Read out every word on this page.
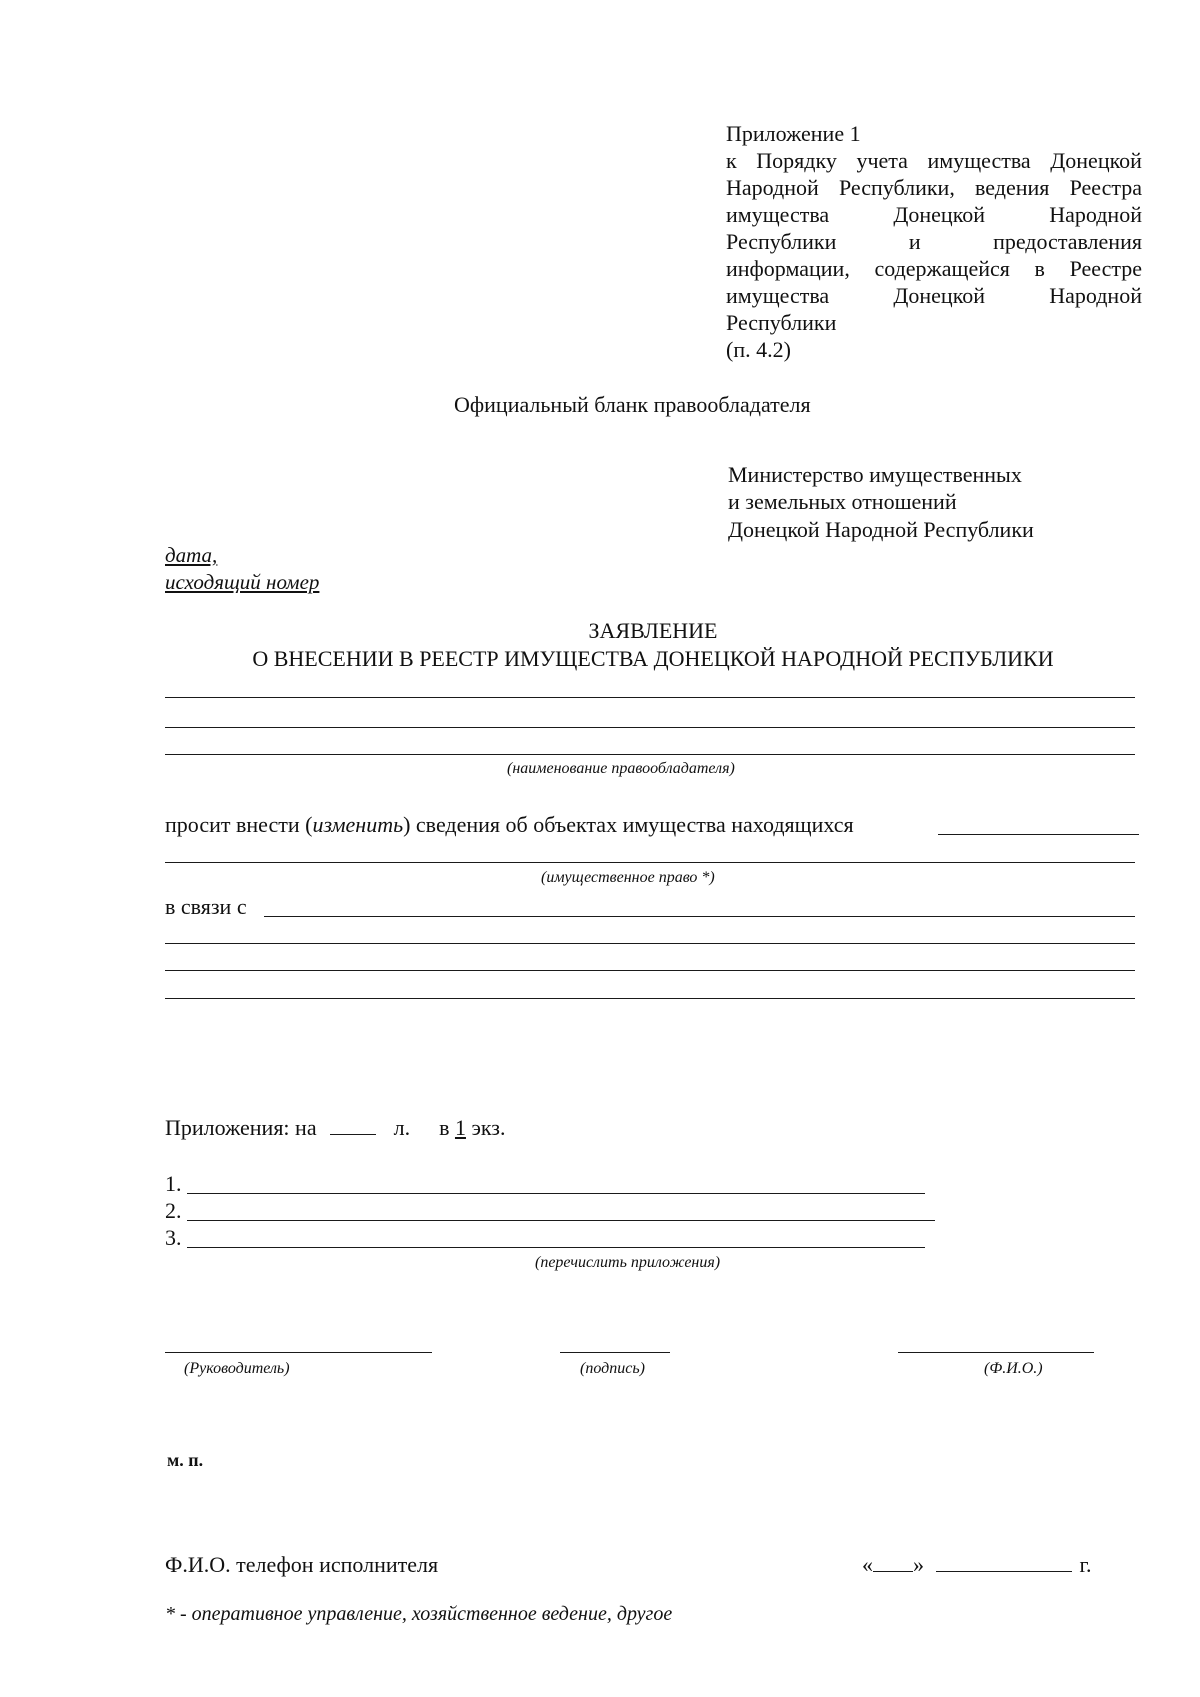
Приложение 1
к Порядку учета имущества Донецкой
Народной Республики, ведения Реестра
имущества	Донецкой	Народной
Республики	и	предоставления
информации, содержащейся в Реестре
имущества	Донецкой	Народной
Республики
(п. 4.2)
Официальный бланк правообладателя
Министерство имущественных
и земельных отношений
Донецкой Народной Республики
дата,
исходящий номер
ЗАЯВЛЕНИЕ
О ВНЕСЕНИИ В РЕЕСТР ИМУЩЕСТВА ДОНЕЦКОЙ НАРОДНОЙ РЕСПУБЛИКИ
(наименование правообладателя)
просит внести (изменить) сведения об объектах имущества находящихся
(имущественное право *)
в связи с
Приложения: на	л. в 1 экз.
1.
2.
3.
(перечислить приложения)
(Руководитель)	(подпись)	(Ф.И.О.)
м. п.
Ф.И.О. телефон исполнителя	« »	г.
* - оперативное управление, хозяйственное ведение, другое
